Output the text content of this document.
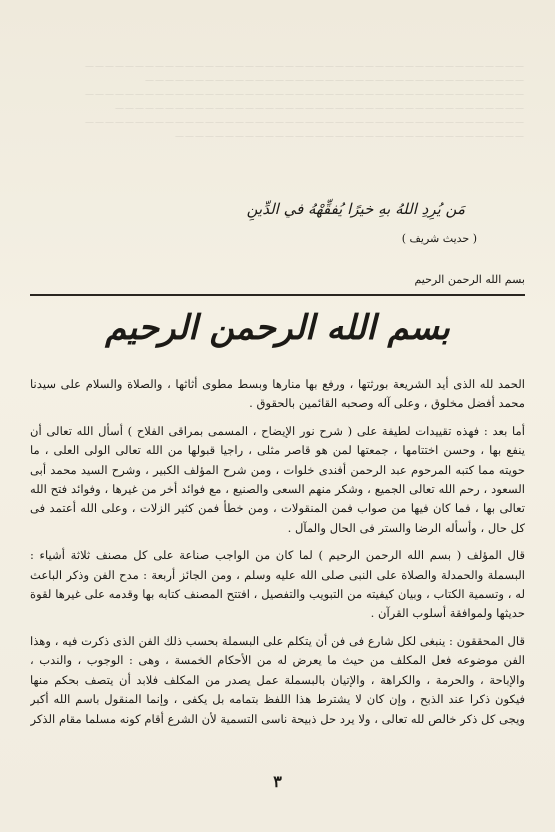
————————————————————————————————————————————
——————————————————————————————————————
————————————————————————————————————————————
—————————————————————————————————————————
————————————————————————————————————————————
———————————————————————————————————
مَن يُرِدِ اللهُ بهِ خيرًا يُفقِّهْهُ في الدِّينِ
( حديث شريف )
بسم الله الرحمن الرحيم
بسم الله الرحمن الرحيم

الحمد لله الذى أيد الشريعة بورثتها ، ورفع بها منارها وبسط مطوى أثاثها ، والصلاة والسلام على سيدنا محمد أفضل مخلوق ، وعلى آله وصحبه القائمين بالحقوق .

أما بعد : فهذه تقييدات لطيفة على ( شرح نور الإيضاح ، المسمى بمراقى الفلاح ) أسأل الله تعالى أن ينفع بها ، وحسن اختتامها ، جمعتها لمن هو قاصر مثلى ، راجيا قبولها من الله تعالى الولى العلى ، ما حويته مما كتبه المرحوم عبد الرحمن أفندى خلوات ، ومن شرح المؤلف الكبير ، وشرح السيد محمد أبى السعود ، رحم الله تعالى الجميع ، وشكر منهم السعى والصنيع ، مع فوائد أخر من غيرها ، وفوائد فتح الله تعالى بها ، فما كان فيها من صواب فمن المنقولات ، ومن خطأ فمن كثير الزلات ، وعلى الله أعتمد فى كل حال ، وأسأله الرضا والستر فى الحال والمآل .

قال المؤلف ( بسم الله الرحمن الرحيم ) لما كان من الواجب صناعة على كل مصنف ثلاثة أشياء : البسملة والحمدلة والصلاة على النبى صلى الله عليه وسلم ، ومن الجائز أربعة : مدح الفن وذكر الباعث له ، وتسمية الكتاب ، وبيان كيفيته من التبويب والتفصيل ، افتتح المصنف كتابه بها وقدمه على غيرها لقوة حديثها ولموافقة أسلوب القرآن .

قال المحققون : ينبغى لكل شارع فى فن أن يتكلم على البسملة بحسب ذلك الفن الذى ذكرت فيه ، وهذا الفن موضوعه فعل المكلف من حيث ما يعرض له من الأحكام الخمسة ، وهى : الوجوب ، والندب ، والإباحة ، والحرمة ، والكراهة ، والإتيان بالبسملة عمل يصدر من المكلف فلابد أن يتصف بحكم منها فيكون ذكرا عند الذبح ، وإن كان لا يشترط هذا اللفظ بتمامه بل يكفى ، وإنما المنقول باسم الله أكبر ويجى كل ذكر خالص لله تعالى ، ولا يرد حل ذبيحة ناسى التسمية لأن الشرع أقام كونه مسلما مقام الذكر

٣
